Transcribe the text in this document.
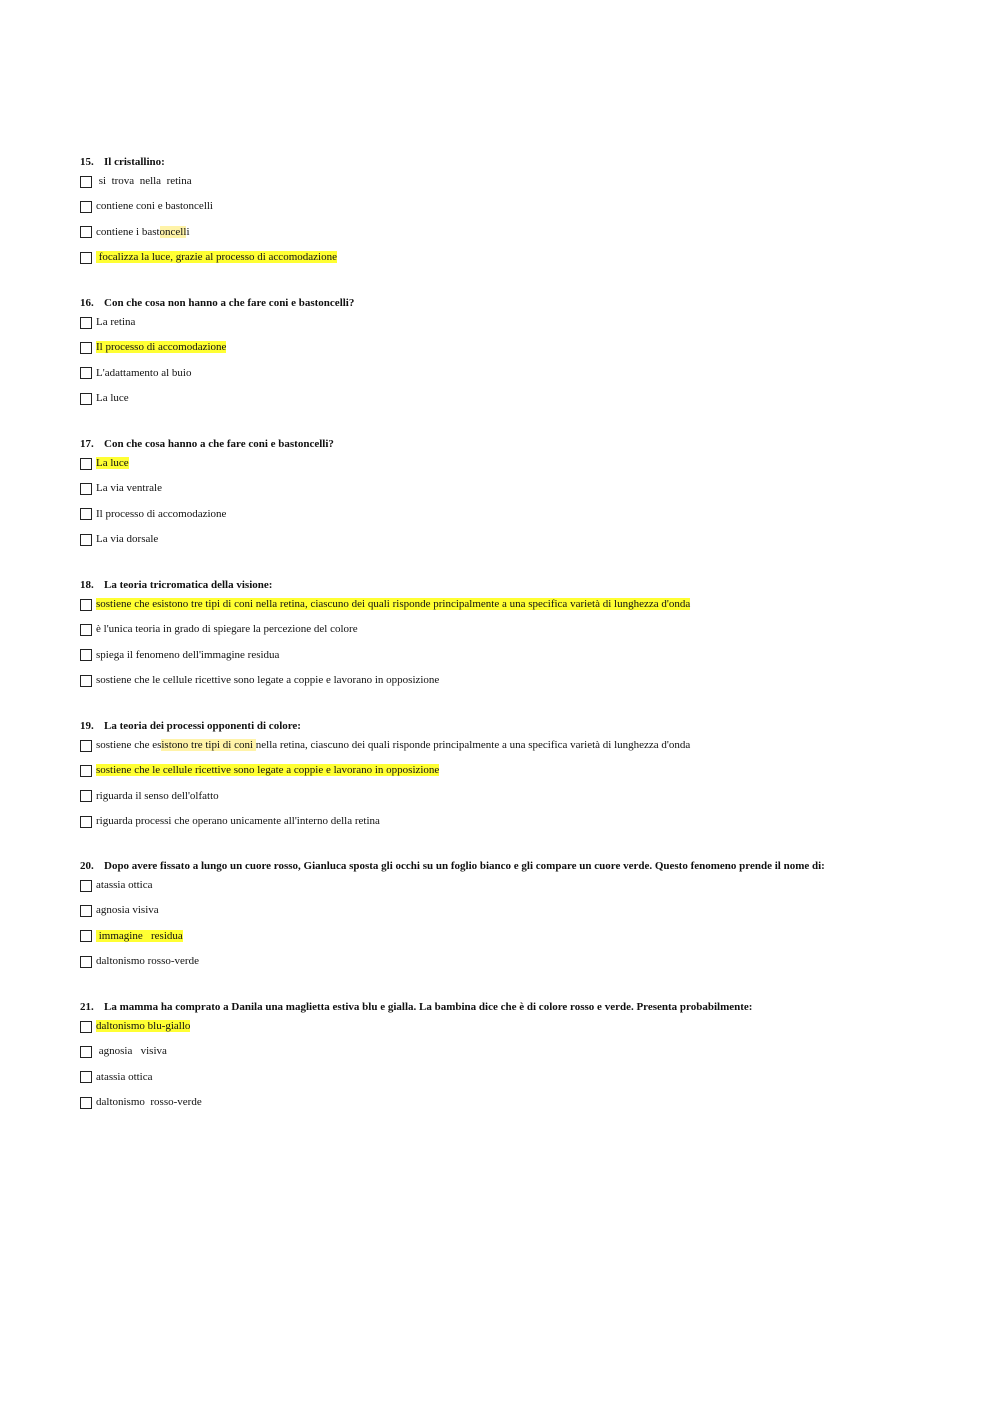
15. Il cristallino:
si  trova  nella  retina
contiene coni e bastoncelli
contiene i bastoncelli
focalizza la luce, grazie al processo di accomodazione
16. Con che cosa non hanno a che fare coni e bastoncelli?
La retina
Il processo di accomodazione
L'adattamento al buio
La luce
17. Con che cosa hanno a che fare coni e bastoncelli?
La luce
La via ventrale
Il processo di accomodazione
La via dorsale
18. La teoria tricromatica della visione:
sostiene che esistono tre tipi di coni nella retina, ciascuno dei quali risponde principalmente a una specifica varietà di lunghezza d'onda
è l'unica teoria in grado di spiegare la percezione del colore
spiega il fenomeno dell'immagine residua
sostiene che le cellule ricettive sono legate a coppie e lavorano in opposizione
19. La teoria dei processi opponenti di colore:
sostiene che esistono tre tipi di coni nella retina, ciascuno dei quali risponde principalmente a una specifica varietà di lunghezza d'onda
sostiene che le cellule ricettive sono legate a coppie e lavorano in opposizione
riguarda il senso dell'olfatto
riguarda processi che operano unicamente all'interno della retina
20. Dopo avere fissato a lungo un cuore rosso, Gianluca sposta gli occhi su un foglio bianco e gli compare un cuore verde. Questo fenomeno prende il nome di:
atassia ottica
agnosia visiva
immagine   residua
daltonismo rosso-verde
21. La mamma ha comprato a Danila una maglietta estiva blu e gialla. La bambina dice che è di colore rosso e verde. Presenta probabilmente:
daltonismo blu-giallo
agnosia   visiva
atassia ottica
daltonismo  rosso-verde
